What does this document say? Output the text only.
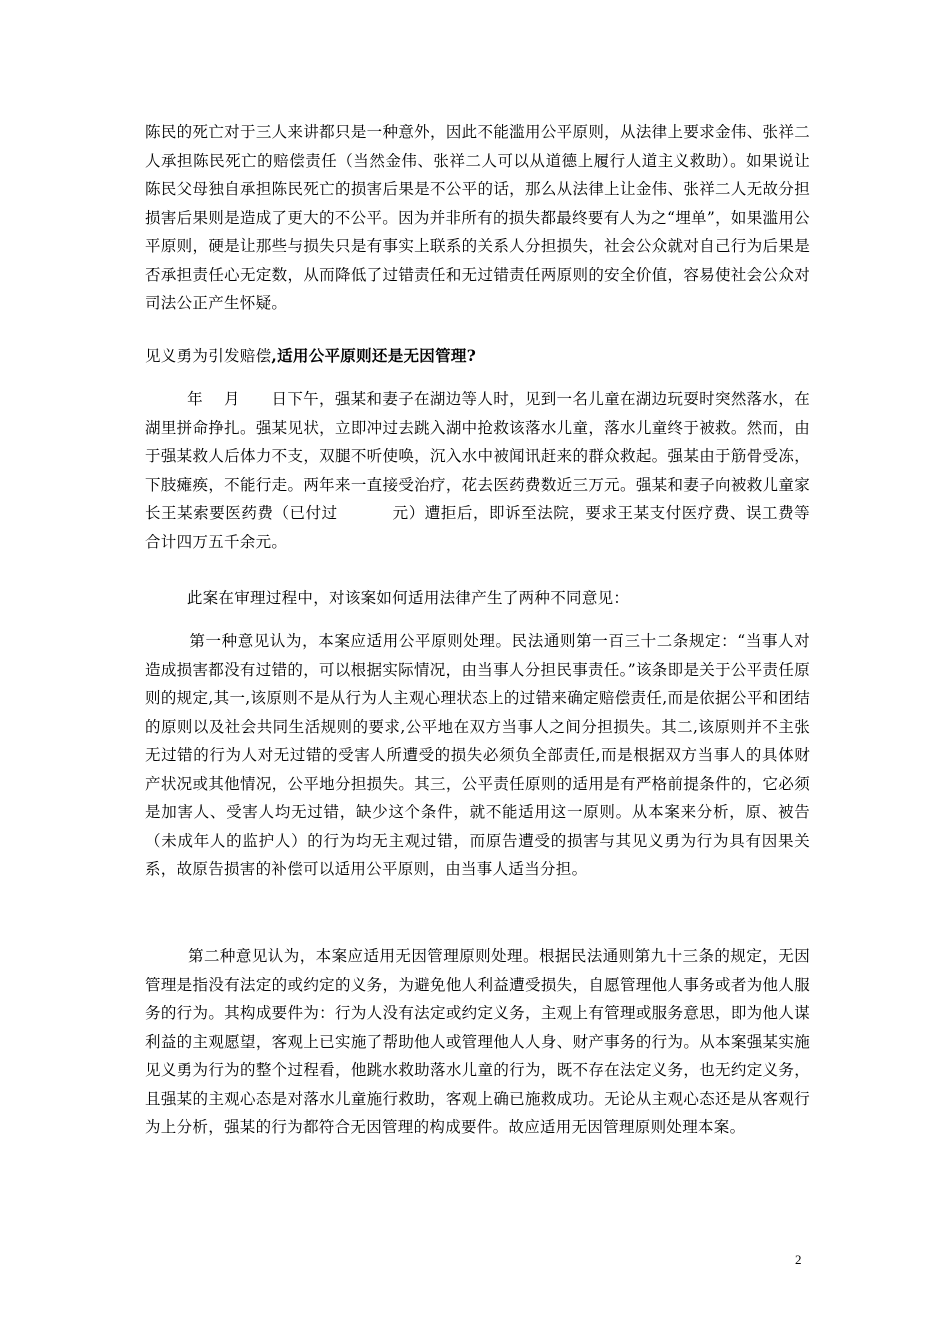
陈民的死亡对于三人来讲都只是一种意外，因此不能滥用公平原则，从法律上要求金伟、张祥二人承担陈民死亡的赔偿责任（当然金伟、张祥二人可以从道德上履行人道主义救助）。如果说让陈民父母独自承担陈民死亡的损害后果是不公平的话，那么从法律上让金伟、张祥二人无故分担损害后果则是造成了更大的不公平。因为并非所有的损失都最终要有人为之“埋单”，如果滥用公平原则，硬是让那些与损失只是有事实上联系的关系人分担损失，社会公众就对自己行为后果是否承担责任心无定数，从而降低了过错责任和无过错责任两原则的安全价值，容易使社会公众对司法公正产生怀疑。

见义勇为引发赔偿,适用公平原则还是无因管理?

年    月      日下午，强某和妻子在湖边等人时，见到一名儿童在湖边玩耍时突然落水，在湖里拼命挣扎。强某见状，立即冲过去跳入湖中抢救该落水儿童，落水儿童终于被救。然而，由于强某救人后体力不支，双腿不听使唤，沉入水中被闻讯赶来的群众救起。强某由于筋骨受冻，下肢瘫痪，不能行走。两年来一直接受治疗，花去医药费数近三万元。强某和妻子向被救儿童家长王某索要医药费（已付过          元）遭拒后，即诉至法院，要求王某支付医疗费、误工费等合计四万五千余元。

此案在审理过程中，对该案如何适用法律产生了两种不同意见：

第一种意见认为，本案应适用公平原则处理。民法通则第一百三十二条规定：“当事人对造成损害都没有过错的，可以根据实际情况，由当事人分担民事责任。”该条即是关于公平责任原则的规定,其一,该原则不是从行为人主观心理状态上的过错来确定赔偿责任,而是依据公平和团结的原则以及社会共同生活规则的要求,公平地在双方当事人之间分担损失。其二,该原则并不主张无过错的行为人对无过错的受害人所遭受的损失必须负全部责任,而是根据双方当事人的具体财产状况或其他情况，公平地分担损失。其三，公平责任原则的适用是有严格前提条件的，它必须是加害人、受害人均无过错，缺少这个条件，就不能适用这一原则。从本案来分析，原、被告（未成年人的监护人）的行为均无主观过错，而原告遭受的损害与其见义勇为行为具有因果关系，故原告损害的补偿可以适用公平原则，由当事人适当分担。

第二种意见认为，本案应适用无因管理原则处理。根据民法通则第九十三条的规定，无因管理是指没有法定的或约定的义务，为避免他人利益遭受损失，自愿管理他人事务或者为他人服务的行为。其构成要件为：行为人没有法定或约定义务，主观上有管理或服务意思，即为他人谋利益的主观愿望，客观上已实施了帮助他人或管理他人人身、财产事务的行为。从本案强某实施见义勇为行为的整个过程看，他跳水救助落水儿童的行为，既不存在法定义务，也无约定义务，且强某的主观心态是对落水儿童施行救助，客观上确已施救成功。无论从主观心态还是从客观行为上分析，强某的行为都符合无因管理的构成要件。故应适用无因管理原则处理本案。

2
